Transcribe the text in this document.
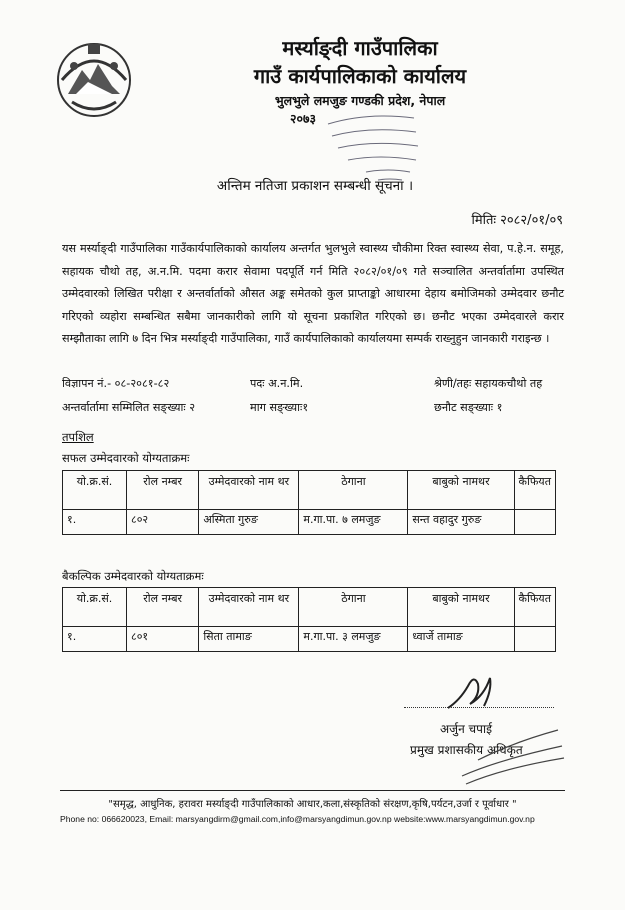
मर्स्याङ्दी गाउँपालिका
गाउँ कार्यपालिकाको कार्यालय
भुलभुले लमजुङ गण्डकी प्रदेश, नेपाल
२०७३
अन्तिम नतिजा प्रकाशन सम्बन्धी सूचना ।
मितिः २०८२/०१/०९
यस मर्स्याङ्दी गाउँपालिका गाउँकार्यपालिकाको कार्यालय अन्तर्गत भुलभुले स्वास्थ्य चौकीमा रिक्त स्वास्थ्य सेवा, प.हे.न. समूह, सहायक चौथो तह, अ.न.मि. पदमा करार सेवामा पदपूर्ति गर्न मिति २०८२/०१/०९ गते सञ्चालित अन्तर्वार्तामा उपस्थित उम्मेदवारको लिखित परीक्षा र अन्तर्वार्ताको औसत अङ्क समेतको कुल प्राप्ताङ्को आधारमा देहाय बमोजिमको उम्मेदवार छनौट गरिएको व्यहोरा सम्बन्धित सबैमा जानकारीको लागि यो सूचना प्रकाशित गरिएको छ। छनौट भएका उम्मेदवारले करार सम्झौताका लागि ७ दिन भित्र मर्स्याङ्दी गाउँपालिका, गाउँ कार्यपालिकाको कार्यालयमा सम्पर्क राख्नुहुन जानकारी गराइन्छ ।
विज्ञापन नं.- ०८-२०८१-८२	पदः अ.न.मि.	श्रेणी/तहः सहायकचौथो तह
अन्तर्वार्तामा सम्मिलित सङ्ख्याः २	माग सङ्ख्याः१	छनौट सङ्ख्याः १
तपशिल
सफल उम्मेदवारको योग्यताक्रमः
यो.क्र.सं.	रोल नम्बर	उम्मेदवारको नाम थर	ठेगाना	बाबुको नामथर	कैफियत
१.	८०२	अस्मिता गुरुङ	म.गा.पा. ७ लमजुङ	सन्त वहादुर गुरुङ	
बैकल्पिक उम्मेदवारको योग्यताक्रमः
यो.क्र.सं.	रोल नम्बर	उम्मेदवारको नाम थर	ठेगाना	बाबुको नामथर	कैफियत
१.	८०१	सिता तामाङ	म.गा.पा. ३ लमजुङ	ध्वार्जे तामाङ	
अर्जुन चपाई
प्रमुख प्रशासकीय अधिकृत
"समृद्ध, आधुनिक, हरावरा मर्स्याङ्दी गाउँपालिकाको आधार,कला,संस्कृतिको संरक्षण,कृषि,पर्यटन,उर्जा र पूर्वाधार "
Phone no: 066620023, Email: marsyangdirm@gmail.com,info@marsyangdimun.gov.np website:www.marsyangdimun.gov.np
